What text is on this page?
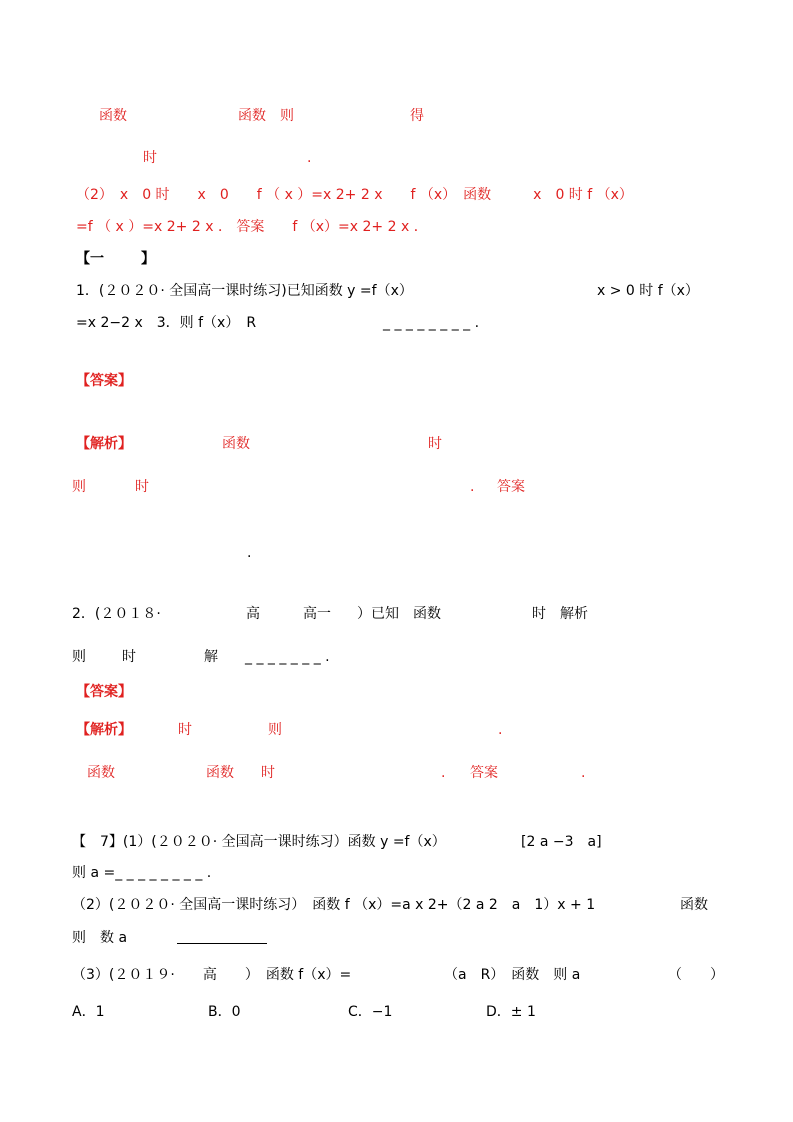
函数	函数 则	得
时	.
（2）　x　0 时　　x　0　　f （ x ）=x 2+ 2 x　　f （x）　函数　　　x　0 时 f （x）
=f （ x ）=x 2+ 2 x ． 答案　　f （x）=x 2+ 2 x ．
【一	】
1．(２０２０· 全国高一课时练习)已知函数 y =f（x）	x > 0 时 f（x）
=x 2−2 x　3．则 f（x）　R	_ _ _ _ _ _ _ _ .
【答案】
【解析】	函数	时
则	时	. 答案
.
2．(２０１８·	高	高一 ）已知　函数	时　解析
则	时	解 _ _ _ _ _ _ _ .
【答案】
【解析】	时	则	.
函数	函数 时	. 答案	.
【　7】(1）(２０２０· 全国高一课时练习）函数 y =f（x）	[2 a −3　a]
则 a =_ _ _ _ _ _ _ _ .
（2）(２０２０· 全国高一课时练习）　函数 f （x）=a x 2+（2 a 2　a　1）x + 1	函数
则　数 a
（3）(２０１９·　　高　　）　函数 f（x）=	（a　R）　函数　则 a	（　　）
A．1	B．0	C．−1	D．± 1
